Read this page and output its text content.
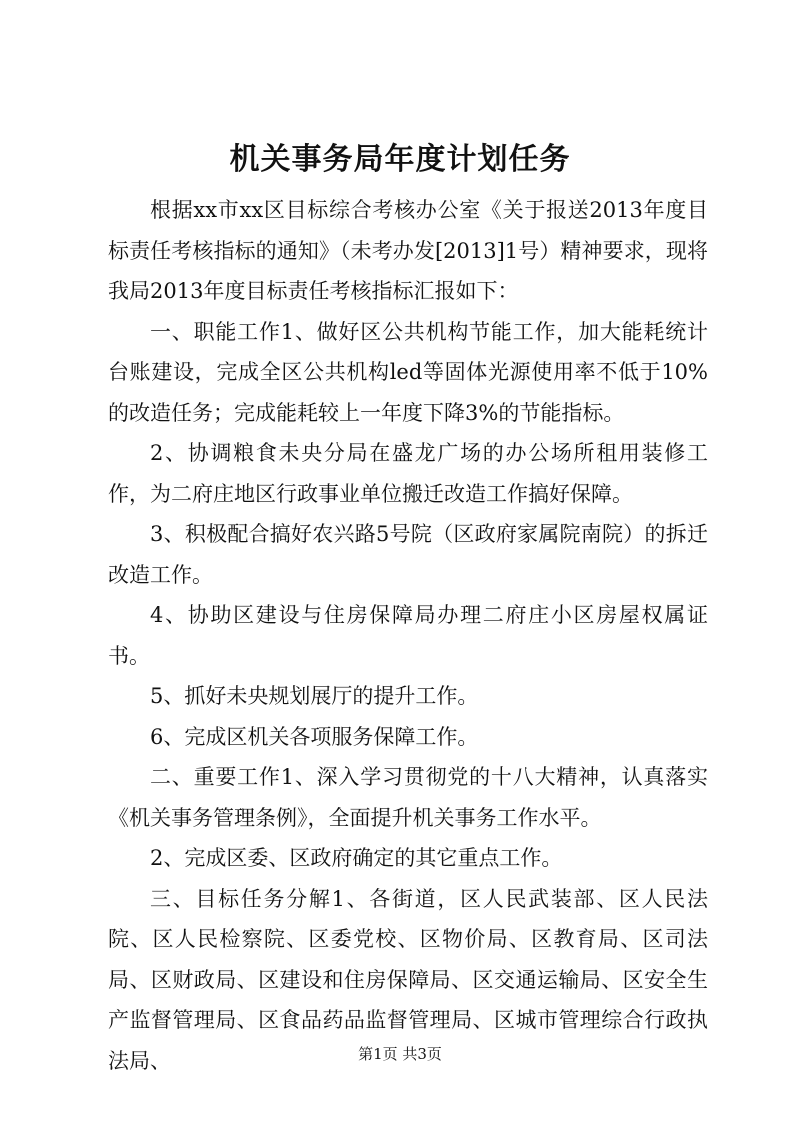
机关事务局年度计划任务

根据xx市xx区目标综合考核办公室《关于报送2013年度目标责任考核指标的通知》（未考办发[2013]1号）精神要求，现将我局2013年度目标责任考核指标汇报如下：

一、职能工作1、做好区公共机构节能工作，加大能耗统计台账建设，完成全区公共机构led等固体光源使用率不低于10%的改造任务；完成能耗较上一年度下降3%的节能指标。

2、协调粮食未央分局在盛龙广场的办公场所租用装修工作，为二府庄地区行政事业单位搬迁改造工作搞好保障。

3、积极配合搞好农兴路5号院（区政府家属院南院）的拆迁改造工作。

4、协助区建设与住房保障局办理二府庄小区房屋权属证书。

5、抓好未央规划展厅的提升工作。

6、完成区机关各项服务保障工作。

二、重要工作1、深入学习贯彻党的十八大精神，认真落实《机关事务管理条例》，全面提升机关事务工作水平。

2、完成区委、区政府确定的其它重点工作。

三、目标任务分解1、各街道，区人民武装部、区人民法院、区人民检察院、区委党校、区物价局、区教育局、区司法局、区财政局、区建设和住房保障局、区交通运输局、区安全生产监督管理局、区食品药品监督管理局、区城市管理综合行政执法局、	第1页 共3页
